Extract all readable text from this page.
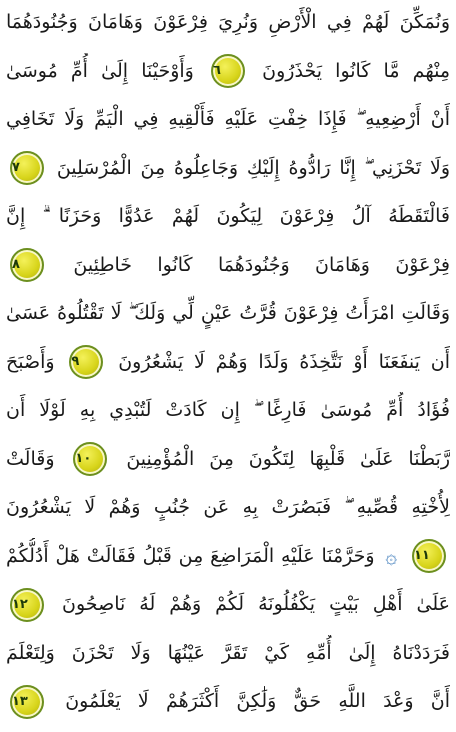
وَنُمَكِّنَ لَهُمْ فِي الْأَرْضِ وَنُرِيَ فِرْعَوْنَ وَهَامَانَ وَجُنُودَهُمَا
مِنْهُم مَّا كَانُوا يَحْذَرُونَ ٦ وَأَوْحَيْنَا إِلَىٰ أُمِّ مُوسَىٰ
أَنْ أَرْضِعِيهِ ۖ فَإِذَا خِفْتِ عَلَيْهِ فَأَلْقِيهِ فِي الْيَمِّ وَلَا تَخَافِي
وَلَا تَحْزَنِي ۖ إِنَّا رَادُّوهُ إِلَيْكِ وَجَاعِلُوهُ مِنَ الْمُرْسَلِينَ ٧
فَالْتَقَطَهُ آلُ فِرْعَوْنَ لِيَكُونَ لَهُمْ عَدُوًّا وَحَزَنًا ۗ إِنَّ
فِرْعَوْنَ وَهَامَانَ وَجُنُودَهُمَا كَانُوا خَاطِئِينَ ٨
وَقَالَتِ امْرَأَتُ فِرْعَوْنَ قُرَّتُ عَيْنٍ لِّي وَلَكَ ۖ لَا تَقْتُلُوهُ عَسَىٰ
أَن يَنفَعَنَا أَوْ نَتَّخِذَهُ وَلَدًا وَهُمْ لَا يَشْعُرُونَ ٩ وَأَصْبَحَ
فُؤَادُ أُمِّ مُوسَىٰ فَارِغًا ۖ إِن كَادَتْ لَتُبْدِي بِهِ لَوْلَا أَن
رَّبَطْنَا عَلَىٰ قَلْبِهَا لِتَكُونَ مِنَ الْمُؤْمِنِينَ ١٠ وَقَالَتْ
لِأُخْتِهِ قُصِّيهِ ۖ فَبَصُرَتْ بِهِ عَن جُنُبٍ وَهُمْ لَا يَشْعُرُونَ
١١ ۞ وَحَرَّمْنَا عَلَيْهِ الْمَرَاضِعَ مِن قَبْلُ فَقَالَتْ هَلْ أَدُلُّكُمْ
عَلَىٰ أَهْلِ بَيْتٍ يَكْفُلُونَهُ لَكُمْ وَهُمْ لَهُ نَاصِحُونَ ١٢
فَرَدَدْنَاهُ إِلَىٰ أُمِّهِ كَيْ تَقَرَّ عَيْنُهَا وَلَا تَحْزَنَ وَلِتَعْلَمَ
أَنَّ وَعْدَ اللَّهِ حَقٌّ وَلَٰكِنَّ أَكْثَرَهُمْ لَا يَعْلَمُونَ ١٣
